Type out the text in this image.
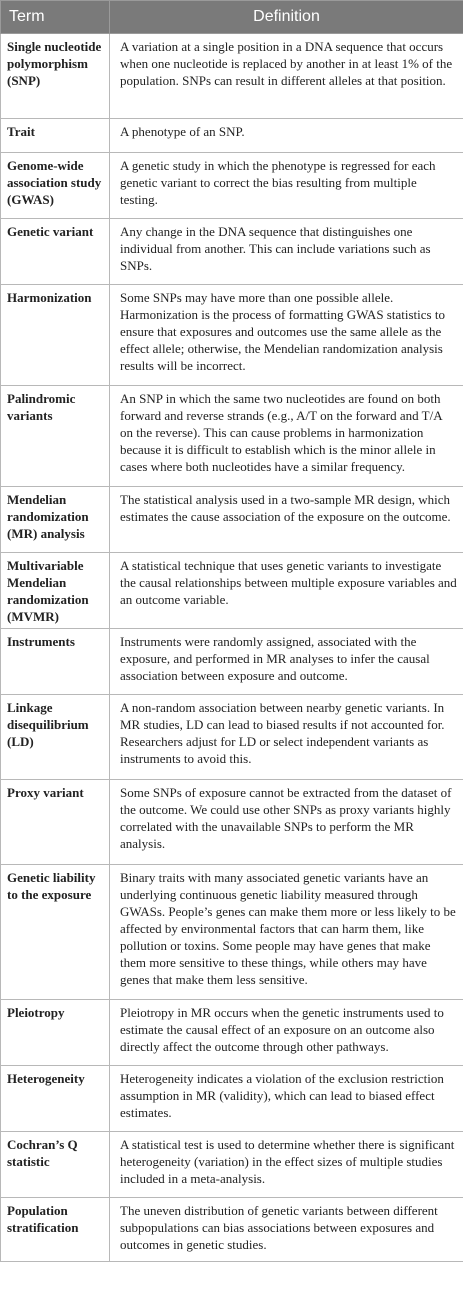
Term	Definition
Single nucleotide polymorphism (SNP)	A variation at a single position in a DNA sequence that occurs when one nucleotide is replaced by another in at least 1% of the population. SNPs can result in different alleles at that position.
Trait	A phenotype of an SNP.
Genome-wide association study (GWAS)	A genetic study in which the phenotype is regressed for each genetic variant to correct the bias resulting from multiple testing.
Genetic variant	Any change in the DNA sequence that distinguishes one individual from another. This can include variations such as SNPs.
Harmonization	Some SNPs may have more than one possible allele. Harmonization is the process of formatting GWAS statistics to ensure that exposures and outcomes use the same allele as the effect allele; otherwise, the Mendelian randomization analysis results will be incorrect.
Palindromic variants	An SNP in which the same two nucleotides are found on both forward and reverse strands (e.g., A/T on the forward and T/A on the reverse). This can cause problems in harmonization because it is difficult to establish which is the minor allele in cases where both nucleotides have a similar frequency.
Mendelian randomization (MR) analysis	The statistical analysis used in a two-sample MR design, which estimates the cause association of the exposure on the outcome.
Multivariable Mendelian randomization (MVMR)	A statistical technique that uses genetic variants to investigate the causal relationships between multiple exposure variables and an outcome variable.
Instruments	Instruments were randomly assigned, associated with the exposure, and performed in MR analyses to infer the causal association between exposure and outcome.
Linkage disequilibrium (LD)	A non-random association between nearby genetic variants. In MR studies, LD can lead to biased results if not accounted for. Researchers adjust for LD or select independent variants as instruments to avoid this.
Proxy variant	Some SNPs of exposure cannot be extracted from the dataset of the outcome. We could use other SNPs as proxy variants highly correlated with the unavailable SNPs to perform the MR analysis.
Genetic liability to the exposure	Binary traits with many associated genetic variants have an underlying continuous genetic liability measured through GWASs. People’s genes can make them more or less likely to be affected by environmental factors that can harm them, like pollution or toxins. Some people may have genes that make them more sensitive to these things, while others may have genes that make them less sensitive.
Pleiotropy	Pleiotropy in MR occurs when the genetic instruments used to estimate the causal effect of an exposure on an outcome also directly affect the outcome through other pathways.
Heterogeneity	Heterogeneity indicates a violation of the exclusion restriction assumption in MR (validity), which can lead to biased effect estimates.
Cochran’s Q statistic	A statistical test is used to determine whether there is significant heterogeneity (variation) in the effect sizes of multiple studies included in a meta-analysis.
Population stratification	The uneven distribution of genetic variants between different subpopulations can bias associations between exposures and outcomes in genetic studies.
